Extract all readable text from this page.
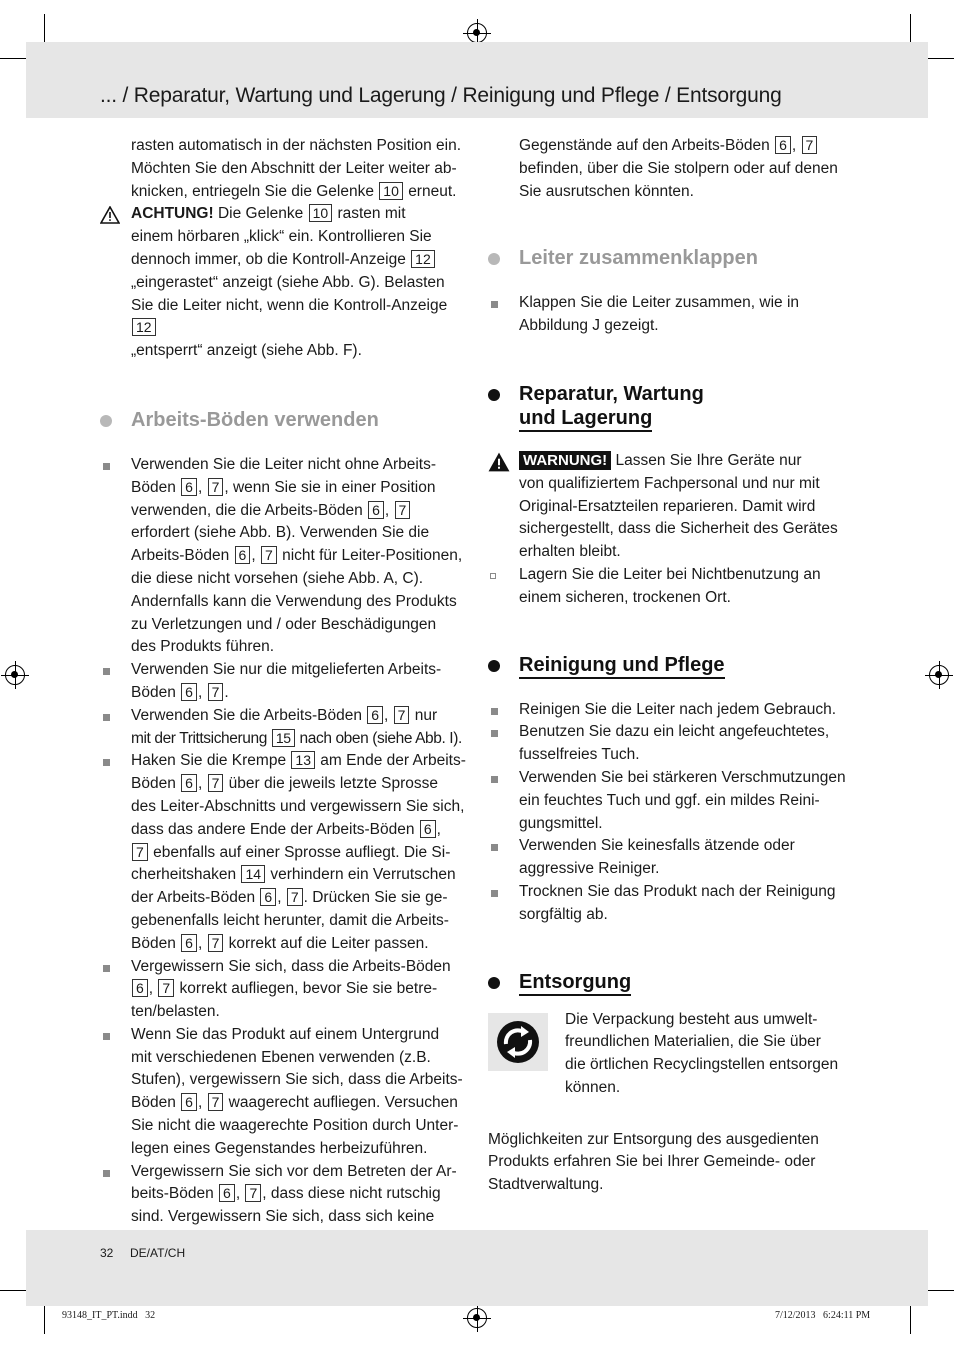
... / Reparatur, Wartung und Lagerung / Reinigung und Pflege / Entsorgung

rasten automatisch in der nächsten Position ein.
Möchten Sie den Abschnitt der Leiter weiter ab-
knicken, entriegeln Sie die Gelenke 10 erneut.

ACHTUNG! Die Gelenke 10 rasten mit
einem hörbaren „klick“ ein. Kontrollieren Sie
dennoch immer, ob die Kontroll-Anzeige 12
„eingerastet“ anzeigt (siehe Abb. G). Belasten
Sie die Leiter nicht, wenn die Kontroll-Anzeige 12
„entsperrt“ anzeigt (siehe Abb. F).

Arbeits-Böden verwenden

Verwenden Sie die Leiter nicht ohne Arbeits-
Böden 6 , 7 , wenn Sie sie in einer Position
verwenden, die die Arbeits-Böden 6 , 7
erfordert (siehe Abb. B). Verwenden Sie die
Arbeits-Böden 6 , 7 nicht für Leiter-Positionen,
die diese nicht vorsehen (siehe Abb. A, C).
Andernfalls kann die Verwendung des Produkts
zu Verletzungen und / oder Beschädigungen
des Produkts führen.

Verwenden Sie nur die mitgelieferten Arbeits-
Böden 6 , 7 .

Verwenden Sie die Arbeits-Böden 6 , 7 nur
mit der Trittsicherung 15 nach oben (siehe Abb. I).

Haken Sie die Krempe 13 am Ende der Arbeits-
Böden 6 , 7 über die jeweils letzte Sprosse
des Leiter-Abschnitts und vergewissern Sie sich,
dass das andere Ende der Arbeits-Böden 6 ,
7 ebenfalls auf einer Sprosse aufliegt. Die Si-
cherheitshaken 14 verhindern ein Verrutschen
der Arbeits-Böden 6 , 7 . Drücken Sie sie ge-
gebenenfalls leicht herunter, damit die Arbeits-
Böden 6 , 7 korrekt auf die Leiter passen.

Vergewissern Sie sich, dass die Arbeits-Böden
6 , 7 korrekt aufliegen, bevor Sie sie betre-
ten/belasten.

Wenn Sie das Produkt auf einem Untergrund
mit verschiedenen Ebenen verwenden (z.B.
Stufen), vergewissern Sie sich, dass die Arbeits-
Böden 6 , 7 waagerecht aufliegen. Versuchen
Sie nicht die waagerechte Position durch Unter-
legen eines Gegenstandes herbeizuführen.

Vergewissern Sie sich vor dem Betreten der Ar-
beits-Böden 6 , 7 , dass diese nicht rutschig
sind. Vergewissern Sie sich, dass sich keine

Gegenstände auf den Arbeits-Böden 6 , 7
befinden, über die Sie stolpern oder auf denen
Sie ausrutschen könnten.

Leiter zusammenklappen

Klappen Sie die Leiter zusammen, wie in
Abbildung J gezeigt.

Reparatur, Wartung
und Lagerung

WARNUNG! Lassen Sie Ihre Geräte nur
von qualifiziertem Fachpersonal und nur mit
Original-Ersatzteilen reparieren. Damit wird
sichergestellt, dass die Sicherheit des Gerätes
erhalten bleibt.

Lagern Sie die Leiter bei Nichtbenutzung an
einem sicheren, trockenen Ort.

Reinigung und Pflege

Reinigen Sie die Leiter nach jedem Gebrauch.

Benutzen Sie dazu ein leicht angefeuchtetes,
fusselfreies Tuch.

Verwenden Sie bei stärkeren Verschmutzungen
ein feuchtes Tuch und ggf. ein mildes Reini-
gungsmittel.

Verwenden Sie keinesfalls ätzende oder
aggressive Reiniger.

Trocknen Sie das Produkt nach der Reinigung
sorgfältig ab.

Entsorgung

Die Verpackung besteht aus umwelt-
freundlichen Materialien, die Sie über
die örtlichen Recyclingstellen entsorgen
können.

Möglichkeiten zur Entsorgung des ausgedienten
Produkts erfahren Sie bei Ihrer Gemeinde- oder
Stadtverwaltung.

32 DE/AT/CH
93148_IT_PT.indd   32	7/12/2013   6:24:11 PM
